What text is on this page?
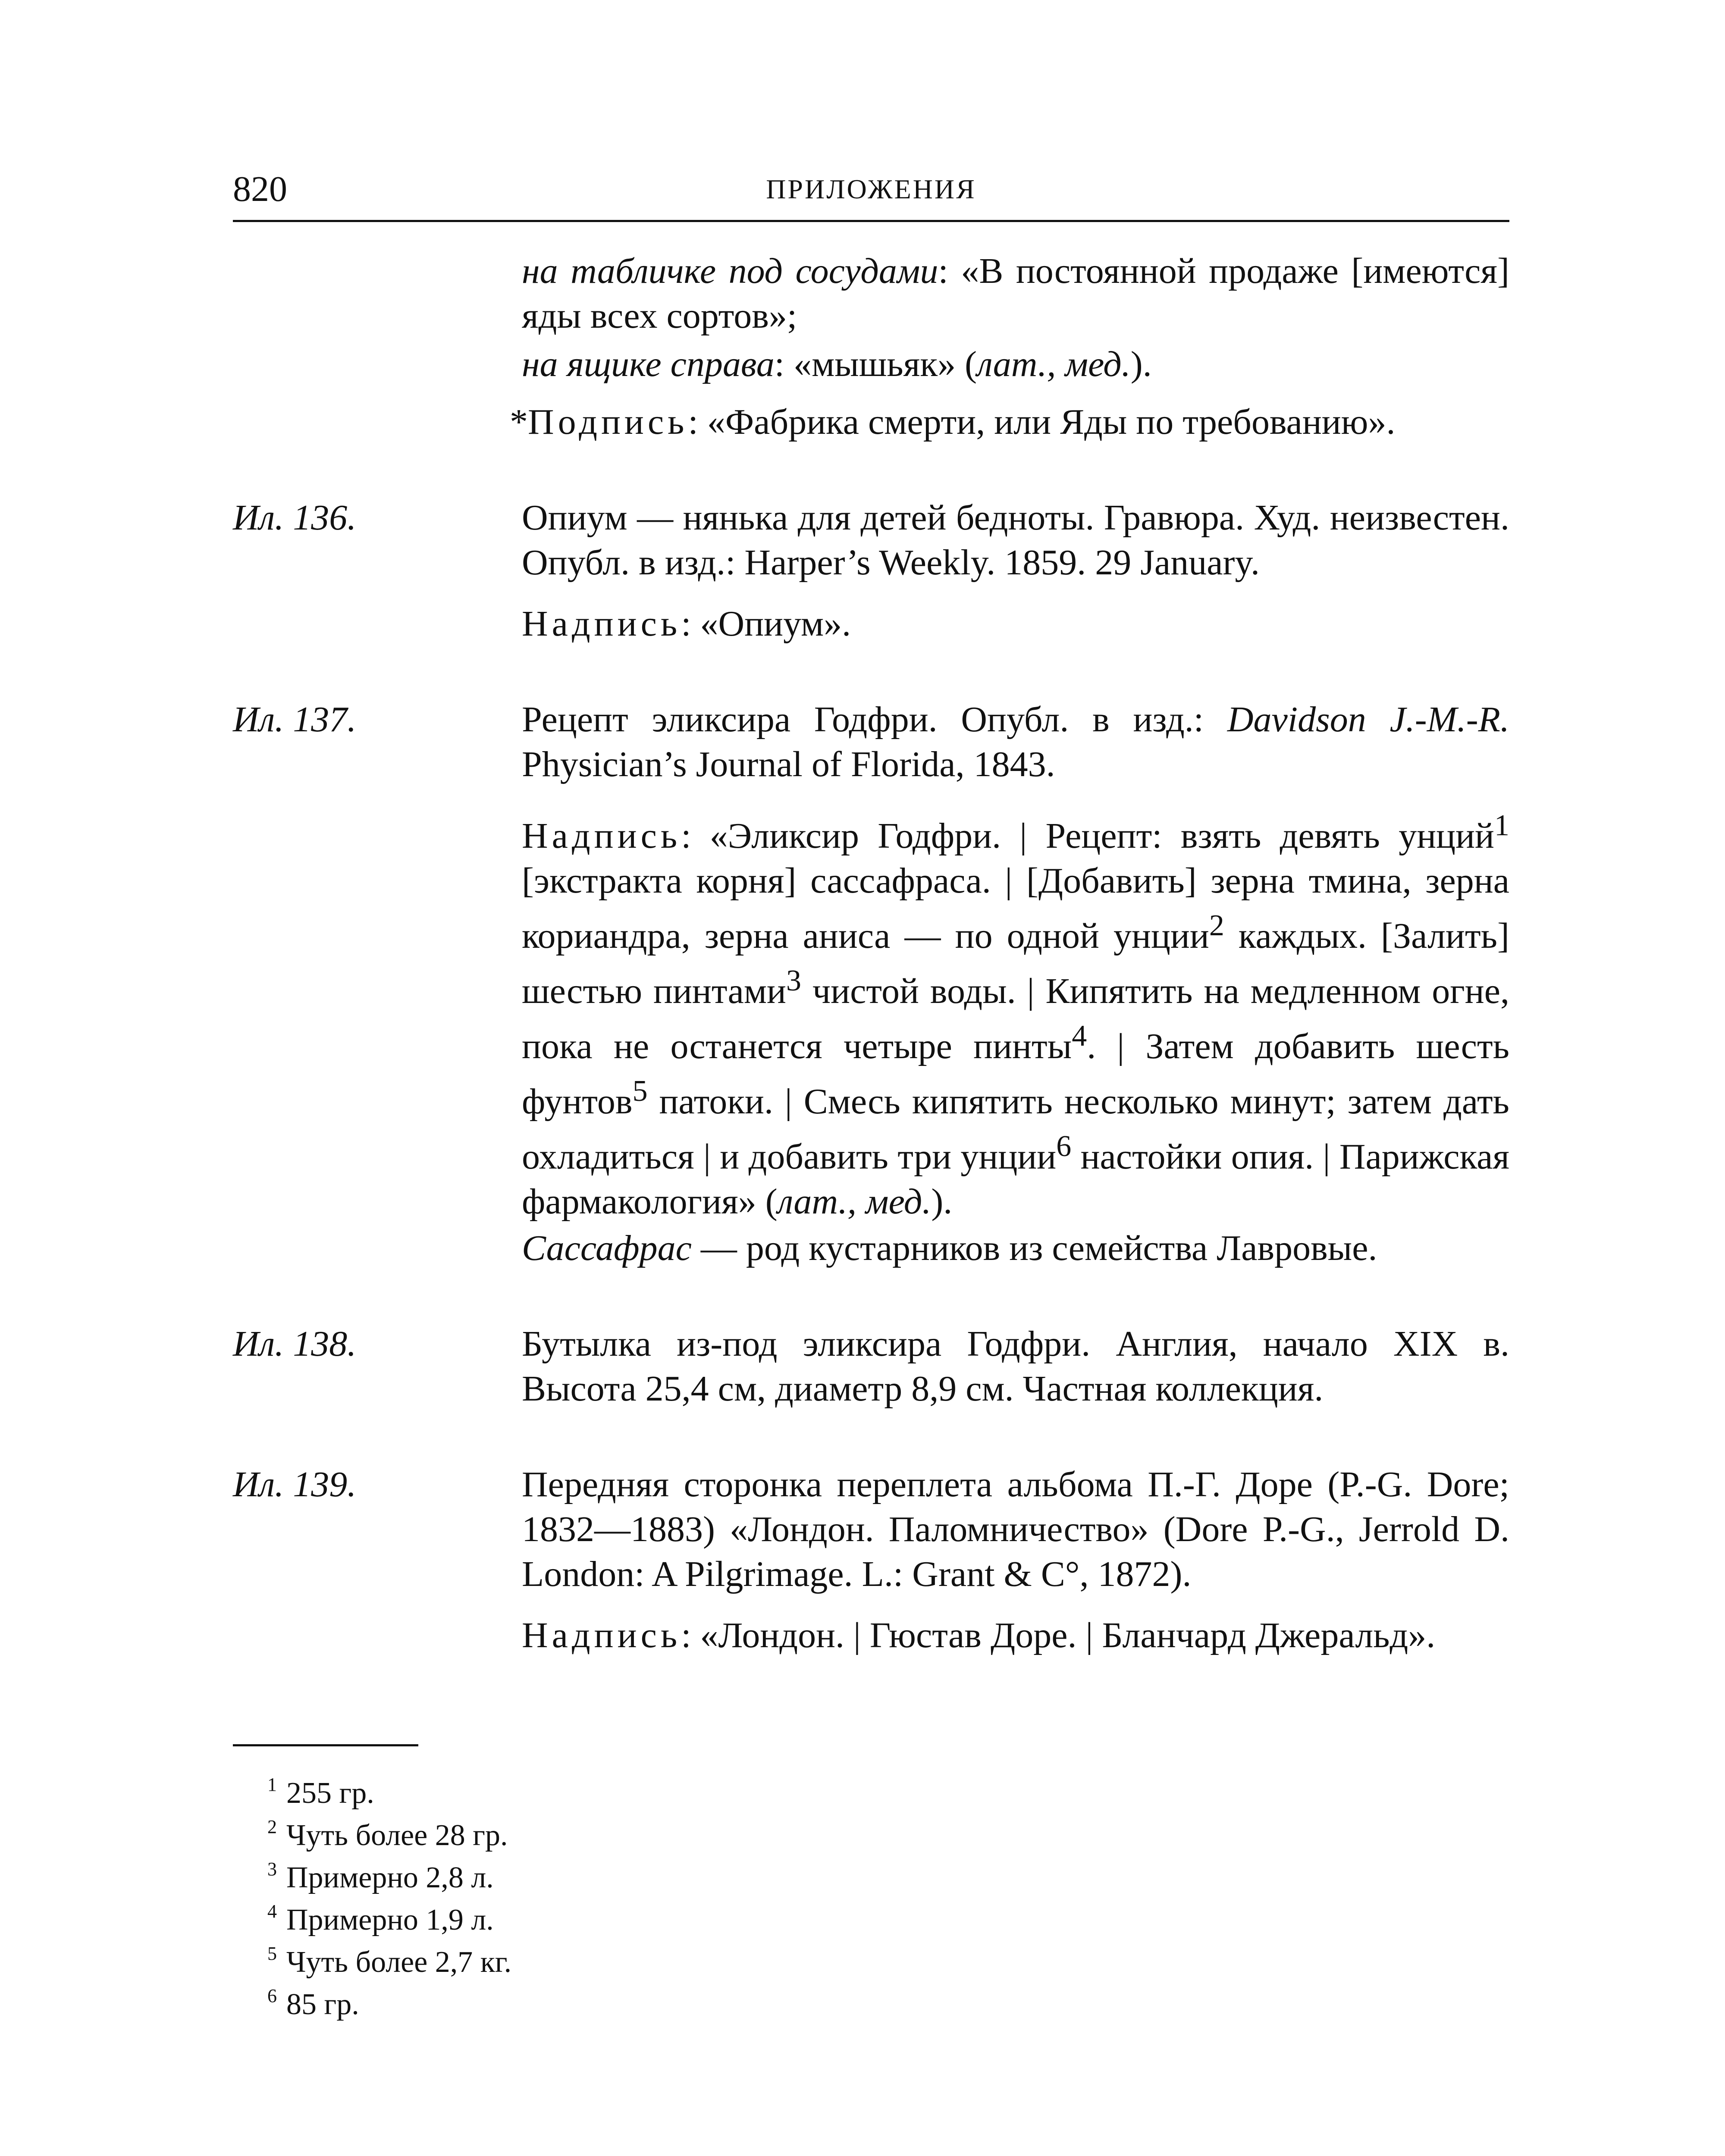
820	ПРИЛОЖЕНИЯ

на табличке под сосудами: «В постоянной продаже [имеются] яды всех сортов»;

на ящике справа: «мышьяк» (лат., мед.).

*Подпись: «Фабрика смерти, или Яды по требованию».

Ил. 136.	Опиум — нянька для детей бедноты. Гравюра. Худ. неизвестен. Опубл. в изд.: Harper’s Weekly. 1859. 29 January.

Надпись: «Опиум».

Ил. 137.	Рецепт эликсира Годфри. Опубл. в изд.: Davidson J.-M.-R. Physician’s Journal of Florida, 1843.

Надпись: «Эликсир Годфри. | Рецепт: взять девять унций$^1$ [экстракта корня] сассафраса. | [Добавить] зерна тмина, зерна кориандра, зерна аниса — по одной унции$^2$ каждых. [Залить] шестью пинтами$^3$ чистой воды. | Кипятить на медленном огне, пока не останется четыре пинты$^4$. | Затем добавить шесть фунтов$^5$ патоки. | Смесь кипятить несколько минут; затем дать охладиться | и добавить три унции$^6$ настойки опия. | Парижская фармакология» (лат., мед.).

Сассафрас — род кустарников из семейства Лавровые.

Ил. 138.	Бутылка из-под эликсира Годфри. Англия, начало XIX в. Высота 25,4 см, диаметр 8,9 см. Частная коллекция.

Ил. 139.	Передняя сторонка переплета альбома П.-Г. Доре (P.-G. Dore; 1832—1883) «Лондон. Паломничество» (Dore P.-G., Jerrold D. London: A Pilgrimage. L.: Grant & C°, 1872).

Надпись: «Лондон. | Гюстав Доре. | Бланчард Джеральд».

$^1$ 255 гр.
$^2$ Чуть более 28 гр.
$^3$ Примерно 2,8 л.
$^4$ Примерно 1,9 л.
$^5$ Чуть более 2,7 кг.
$^6$ 85 гр.
